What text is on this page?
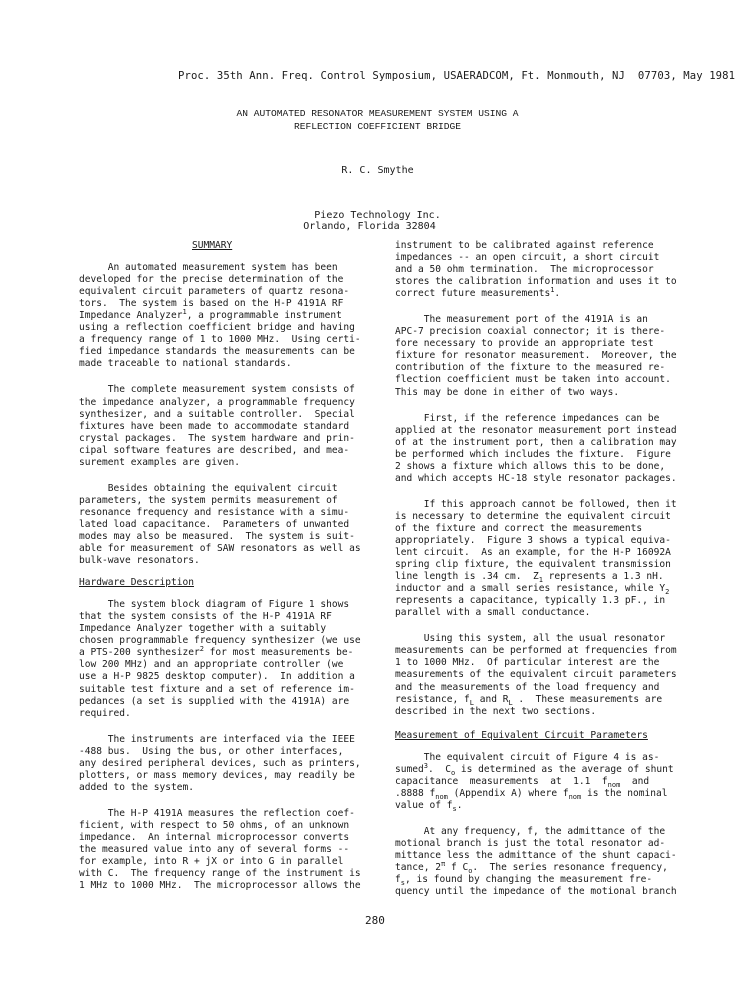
Proc. 35th Ann. Freq. Control Symposium, USAERADCOM, Ft. Monmouth, NJ  07703, May 1981
AN AUTOMATED RESONATOR MEASUREMENT SYSTEM USING A
REFLECTION COEFFICIENT BRIDGE
R. C. Smythe
Piezo Technology Inc.
Orlando, Florida 32804

SUMMARY

An automated measurement system has been

developed for the precise determination of the

equivalent circuit parameters of quartz resona-

tors.  The system is based on the H-P 4191A RF

Impedance Analyzer$^1$, a programmable instrument

using a reflection coefficient bridge and having

a frequency range of 1 to 1000 MHz.  Using certi-

fied impedance standards the measurements can be

made traceable to national standards.

The complete measurement system consists of

the impedance analyzer, a programmable frequency

synthesizer, and a suitable controller.  Special

fixtures have been made to accommodate standard

crystal packages.  The system hardware and prin-

cipal software features are described, and mea-

surement examples are given.

Besides obtaining the equivalent circuit

parameters, the system permits measurement of

resonance frequency and resistance with a simu-

lated load capacitance.  Parameters of unwanted

modes may also be measured.  The system is suit-

able for measurement of SAW resonators as well as

bulk-wave resonators.

Hardware Description

The system block diagram of Figure 1 shows

that the system consists of the H-P 4191A RF

Impedance Analyzer together with a suitably

chosen programmable frequency synthesizer (we use

a PTS-200 synthesizer$^2$ for most measurements be-

low 200 MHz) and an appropriate controller (we

use a H-P 9825 desktop computer).  In addition a

suitable test fixture and a set of reference im-

pedances (a set is supplied with the 4191A) are

required.

The instruments are interfaced via the IEEE

-488 bus.  Using the bus, or other interfaces,

any desired peripheral devices, such as printers,

plotters, or mass memory devices, may readily be

added to the system.

The H-P 4191A measures the reflection coef-

ficient, with respect to 50 ohms, of an unknown

impedance.  An internal microprocessor converts

the measured value into any of several forms --

for example, into R + jX or into G in parallel

with C.  The frequency range of the instrument is

1 MHz to 1000 MHz.  The microprocessor allows the

instrument to be calibrated against reference

impedances -- an open circuit, a short circuit

and a 50 ohm termination.  The microprocessor

stores the calibration information and uses it to

correct future measurements$^1$.

The measurement port of the 4191A is an

APC-7 precision coaxial connector; it is there-

fore necessary to provide an appropriate test

fixture for resonator measurement.  Moreover, the

contribution of the fixture to the measured re-

flection coefficient must be taken into account.

This may be done in either of two ways.

First, if the reference impedances can be

applied at the resonator measurement port instead

of at the instrument port, then a calibration may

be performed which includes the fixture.  Figure

2 shows a fixture which allows this to be done,

and which accepts HC-18 style resonator packages.

If this approach cannot be followed, then it

is necessary to determine the equivalent circuit

of the fixture and correct the measurements

appropriately.  Figure 3 shows a typical equiva-

lent circuit.  As an example, for the H-P 16092A

spring clip fixture, the equivalent transmission

line length is .34 cm.  $Z_1$ represents a 1.3 nH.

inductor and a small series resistance, while $Y_2$

represents a capacitance, typically 1.3 pF., in

parallel with a small conductance.

Using this system, all the usual resonator

measurements can be performed at frequencies from

1 to 1000 MHz.  Of particular interest are the

measurements of the equivalent circuit parameters

and the measurements of the load frequency and

resistance, $f_L$ and $R_L$ .  These measurements are

described in the next two sections.

Measurement of Equivalent Circuit Parameters

The equivalent circuit of Figure 4 is as-

sumed$^3$.  $C_o$ is determined as the average of shunt

capacitance  measurements  at  1.1  $f_{nom}$  and

.8888 $f_{nom}$ (Appendix A) where $f_{nom}$ is the nominal

value of $f_s$.

At any frequency, f, the admittance of the

motional branch is just the total resonator ad-

mittance less the admittance of the shunt capaci-

tance, $2^\pi$ f $C_o$.  The series resonance frequency,

$f_s$, is found by changing the measurement fre-

quency until the impedance of the motional branch

280
